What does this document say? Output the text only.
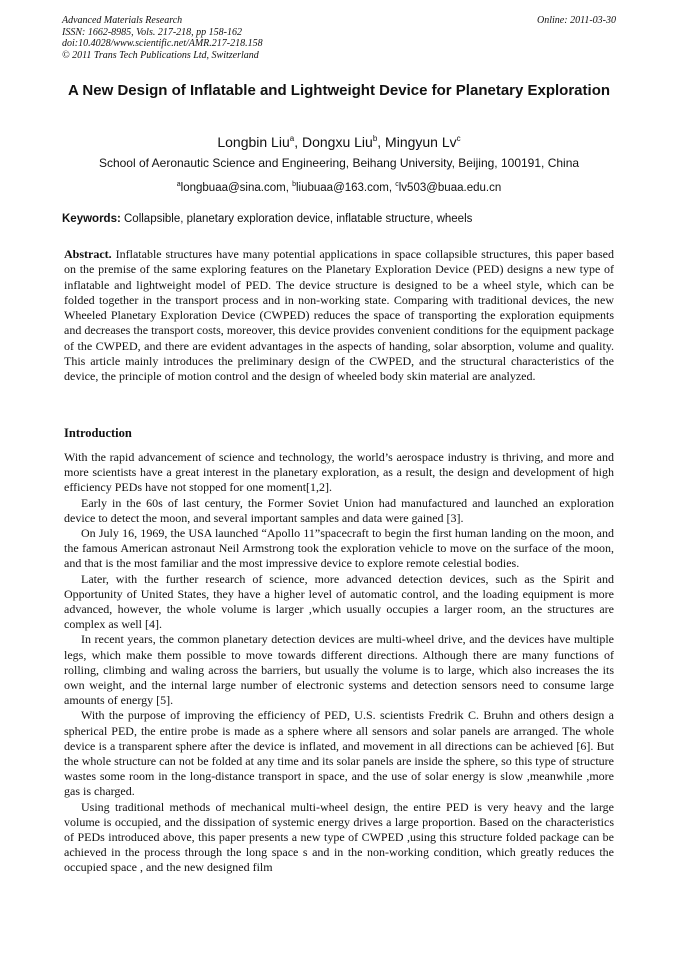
Advanced Materials Research
ISSN: 1662-8985, Vols. 217-218, pp 158-162
doi:10.4028/www.scientific.net/AMR.217-218.158
© 2011 Trans Tech Publications Ltd, Switzerland
Online: 2011-03-30
A New Design of Inflatable and Lightweight Device for Planetary Exploration
Longbin Liu$^a$, Dongxu Liu$^b$, Mingyun Lv$^c$
School of Aeronautic Science and Engineering, Beihang University, Beijing, 100191, China
$^a$longbuaa@sina.com, $^b$liubuaa@163.com, $^c$lv503@buaa.edu.cn
Keywords: Collapsible, planetary exploration device, inflatable structure, wheels
Abstract. Inflatable structures have many potential applications in space collapsible structures, this paper based on the premise of the same exploring features on the Planetary Exploration Device (PED) designs a new type of inflatable and lightweight model of PED. The device structure is designed to be a wheel style, which can be folded together in the transport process and in non-working state. Comparing with traditional devices, the new Wheeled Planetary Exploration Device (CWPED) reduces the space of transporting the exploration equipments and decreases the transport costs, moreover, this device provides convenient conditions for the equipment package of the CWPED, and there are evident advantages in the aspects of handing, solar absorption, volume and quality. This article mainly introduces the preliminary design of the CWPED, and the structural characteristics of the device, the principle of motion control and the design of wheeled body skin material are analyzed.
Introduction

With the rapid advancement of science and technology, the world’s aerospace industry is thriving, and more and more scientists have a great interest in the planetary exploration, as a result, the design and development of high efficiency PEDs have not stopped for one moment[1,2].

Early in the 60s of last century, the Former Soviet Union had manufactured and launched an exploration device to detect the moon, and several important samples and data were gained [3].

On July 16, 1969, the USA launched “Apollo 11”spacecraft to begin the first human landing on the moon, and the famous American astronaut Neil Armstrong took the exploration vehicle to move on the surface of the moon, and that is the most familiar and the most impressive device to explore remote celestial bodies.

Later, with the further research of science, more advanced detection devices, such as the Spirit and Opportunity of United States, they have a higher level of automatic control, and the loading equipment is more advanced, however, the whole volume is larger ,which usually occupies a larger room, an the structures are complex as well [4].

In recent years, the common planetary detection devices are multi-wheel drive, and the devices have multiple legs, which make them possible to move towards different directions. Although there are many functions of rolling, climbing and waling across the barriers, but usually the volume is to large, which also increases the its own weight, and the internal large number of electronic systems and detection sensors need to consume large amounts of energy [5].

With the purpose of improving the efficiency of PED, U.S. scientists Fredrik C. Bruhn and others design a spherical PED, the entire probe is made as a sphere where all sensors and solar panels are arranged. The whole device is a transparent sphere after the device is inflated, and movement in all directions can be achieved [6]. But the whole structure can not be folded at any time and its solar panels are inside the sphere, so this type of structure wastes some room in the long-distance transport in space, and the use of solar energy is slow ,meanwhile ,more gas is charged.

Using traditional methods of mechanical multi-wheel design, the entire PED is very heavy and the large volume is occupied, and the dissipation of systemic energy drives a large proportion. Based on the characteristics of PEDs introduced above, this paper presents a new type of CWPED ,using this structure folded package can be achieved in the process through the long space s and in the non-working condition, which greatly reduces the occupied space , and the new designed film
